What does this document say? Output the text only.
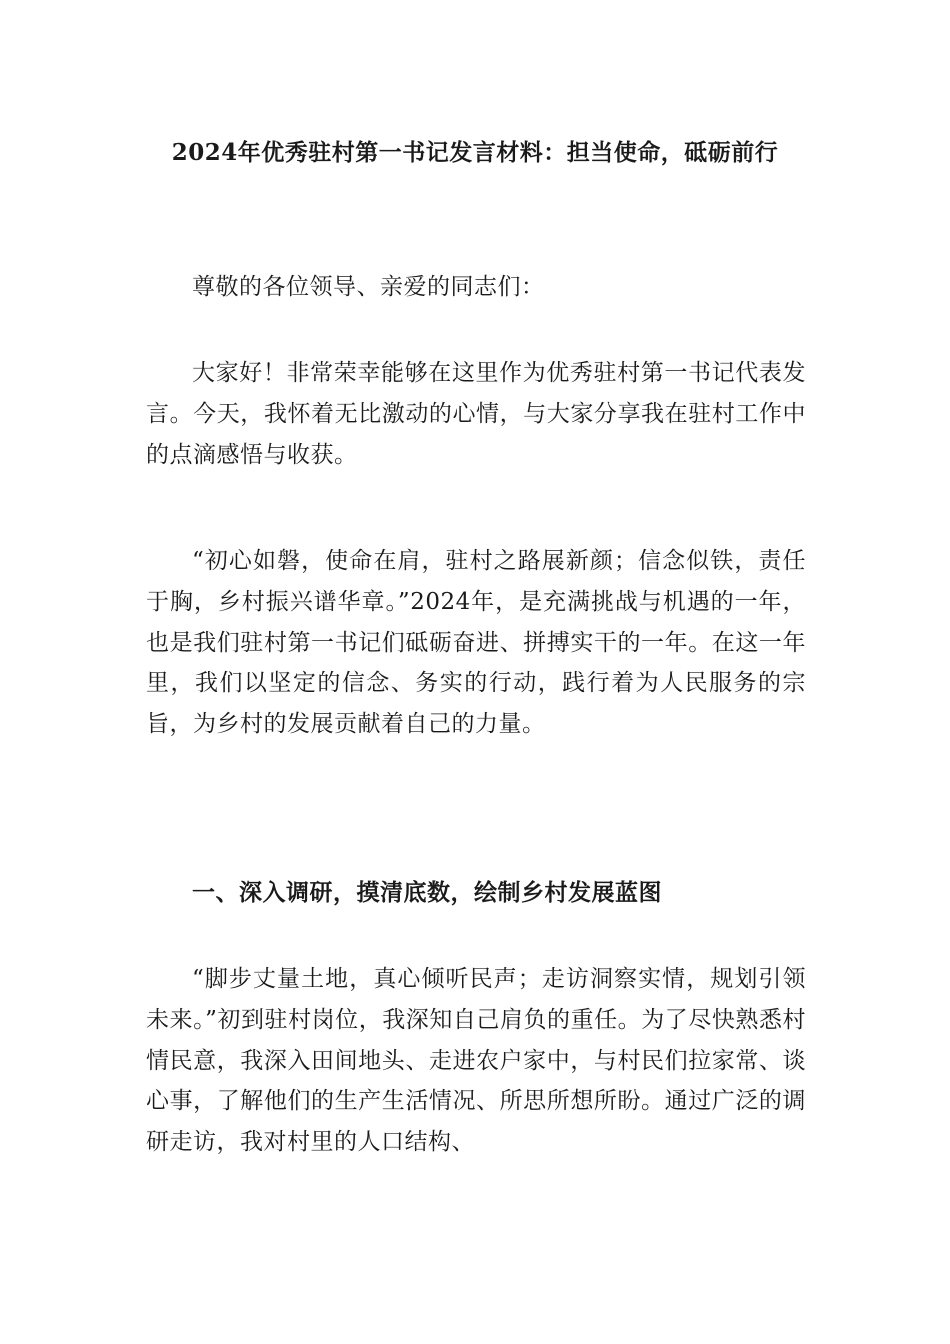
2024年优秀驻村第一书记发言材料：担当使命，砥砺前行
尊敬的各位领导、亲爱的同志们：
大家好！非常荣幸能够在这里作为优秀驻村第一书记代表发言。今天，我怀着无比激动的心情，与大家分享我在驻村工作中的点滴感悟与收获。
“初心如磐，使命在肩，驻村之路展新颜；信念似铁，责任于胸，乡村振兴谱华章。”2024年，是充满挑战与机遇的一年，也是我们驻村第一书记们砥砺奋进、拼搏实干的一年。在这一年里，我们以坚定的信念、务实的行动，践行着为人民服务的宗旨，为乡村的发展贡献着自己的力量。
一、深入调研，摸清底数，绘制乡村发展蓝图
“脚步丈量土地，真心倾听民声；走访洞察实情，规划引领未来。”初到驻村岗位，我深知自己肩负的重任。为了尽快熟悉村情民意，我深入田间地头、走进农户家中，与村民们拉家常、谈心事，了解他们的生产生活情况、所思所想所盼。通过广泛的调研走访，我对村里的人口结构、
